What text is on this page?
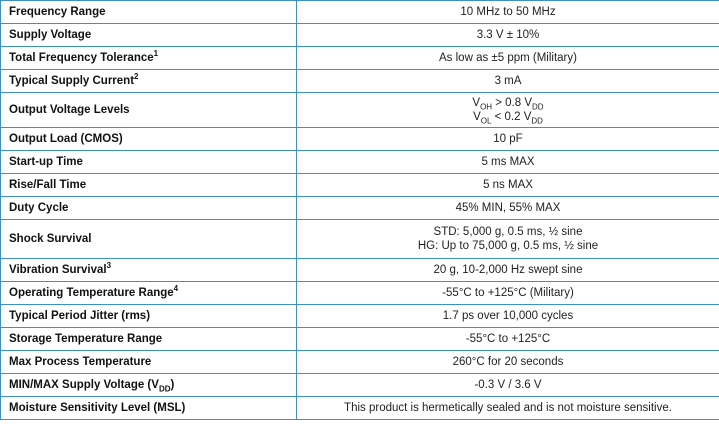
Frequency Range	10 MHz to 50 MHz
Supply Voltage	3.3 V ± 10%
Total Frequency Tolerance$^1$	As low as ±5 ppm (Military)
Typical Supply Current$^2$	3 mA
Output Voltage Levels	$V_{OH} > 0.8$ $V_{DD}$
$V_{OL} < 0.2$ $V_{DD}$

Output Load (CMOS)	10 pF
Start-up Time	5 ms MAX
Rise/Fall Time	5 ns MAX
Duty Cycle	45% MIN, 55% MAX
Shock Survival	STD: 5,000 g, 0.5 ms, ½ sine
HG: Up to 75,000 g, 0.5 ms, ½ sine

Vibration Survival$^3$	20 g, 10-2,000 Hz swept sine
Operating Temperature Range$^4$	-55°C to +125°C (Military)
Typical Period Jitter (rms)	1.7 ps over 10,000 cycles
Storage Temperature Range	-55°C to +125°C
Max Process Temperature	260°C for 20 seconds
MIN/MAX Supply Voltage $(V_{DD})$	-0.3 V / 3.6 V
Moisture Sensitivity Level (MSL)	This product is hermetically sealed and is not moisture sensitive.
